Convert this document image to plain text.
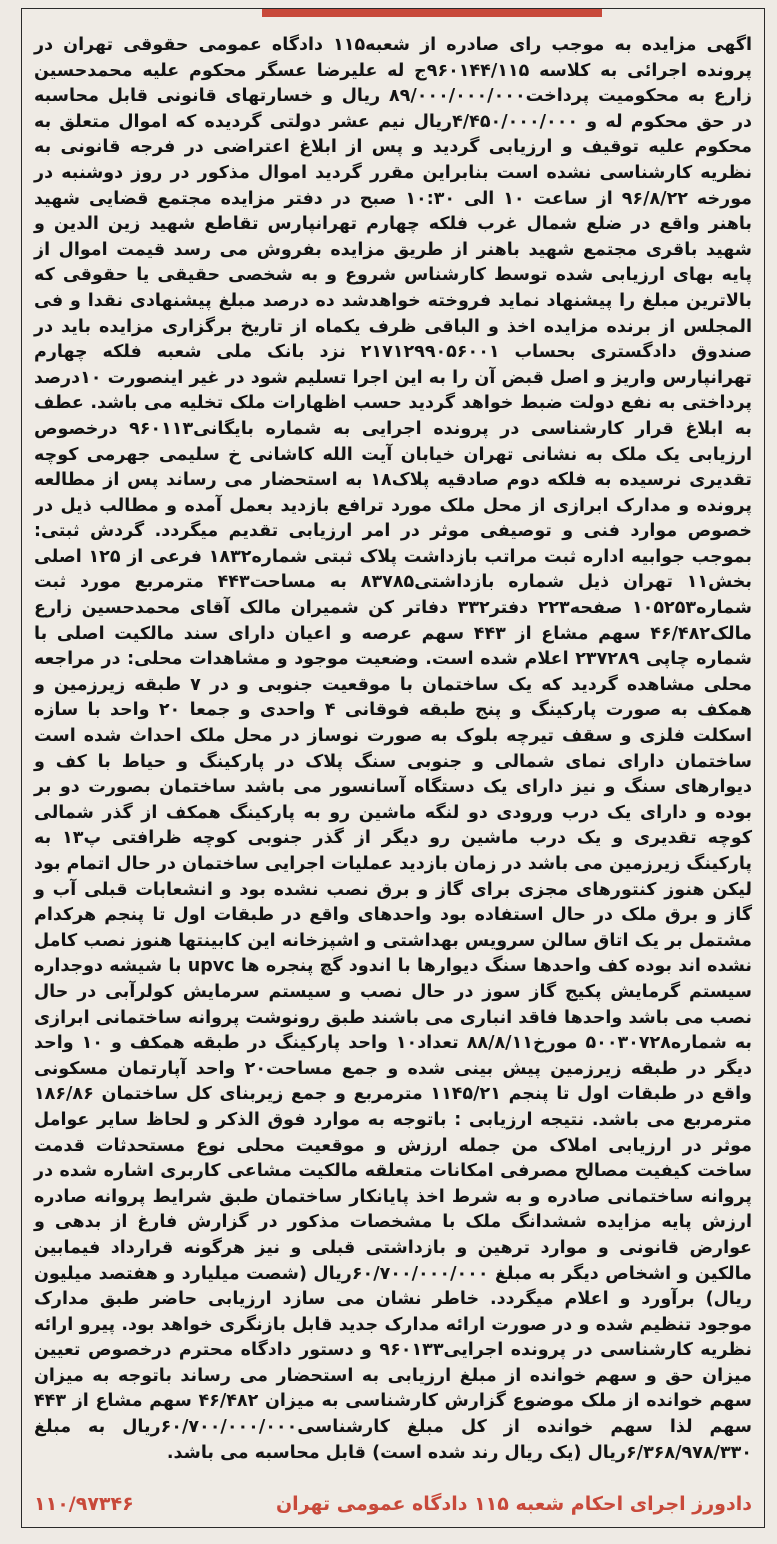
اگهی مزایده به موجب رای صادره از شعبه۱۱۵ دادگاه عمومی حقوقی تهران در پرونده اجرائی به کلاسه ۹۶۰۱۴۴/۱۱۵ج له علیرضا عسگر محکوم علیه محمدحسین زارع به محکومیت پرداخت۸۹/۰۰۰/۰۰۰/۰۰۰ ریال و خسارتهای قانونی قابل محاسبه در حق محکوم له و ۴/۴۵۰/۰۰۰/۰۰۰ریال نیم عشر دولتی گردیده که اموال متعلق به محکوم علیه توقیف و ارزیابی گردید و پس از ابلاغ اعتراضی در فرجه قانونی به نظریه کارشناسی نشده است بنابراین مقرر گردید اموال مذکور در روز دوشنبه در مورخه ۹۶/۸/۲۲ از ساعت ۱۰ الی ۱۰:۳۰ صبح در دفتر مزایده مجتمع قضایی شهید باهنر واقع در ضلع شمال غرب فلکه چهارم تهرانپارس تقاطع شهید زین الدین و شهید باقری مجتمع شهید باهنر از طریق مزایده بفروش می رسد قیمت اموال از پایه بهای ارزیابی شده توسط کارشناس شروع و به شخصی حقیقی یا حقوقی که بالاترین مبلغ را پیشنهاد نماید فروخته خواهدشد ده درصد مبلغ پیشنهادی نقدا و فی المجلس از برنده مزایده اخذ و الباقی ظرف یکماه از تاریخ برگزاری مزایده باید در صندوق دادگستری بحساب ۲۱۷۱۲۹۹۰۵۶۰۰۱ نزد بانک ملی شعبه فلکه چهارم تهرانپارس واریز و اصل قبض آن را به این اجرا تسلیم شود در غیر اینصورت ۱۰درصد پرداختی به نفع دولت ضبط خواهد گردید حسب اظهارات ملک تخلیه می باشد. عطف به ابلاغ قرار کارشناسی در پرونده اجرایی به شماره بایگانی۹۶۰۱۱۳ درخصوص ارزیابی یک ملک به نشانی تهران خیابان آیت الله کاشانی خ سلیمی جهرمی کوچه تقدیری نرسیده به فلکه دوم صادقیه پلاک۱۸ به استحضار می رساند پس از مطالعه پرونده و مدارک ابرازی از محل ملک مورد ترافع بازدید بعمل آمده و مطالب ذیل در خصوص موارد فنی و توصیفی موثر در امر ارزیابی تقدیم میگردد. گردش ثبتی: بموجب جوابیه اداره ثبت مراتب بازداشت پلاک ثبتی شماره۱۸۳۲ فرعی از ۱۲۵ اصلی بخش۱۱ تهران ذیل شماره بازداشتی۸۳۷۸۵ به مساحت۴۴۳ مترمربع مورد ثبت شماره۱۰۵۲۵۳ صفحه۲۲۳ دفتر۳۳۲ دفاتر کن شمیران مالک آقای محمدحسین زارع مالک۴۶/۴۸۲ سهم مشاع از ۴۴۳ سهم عرصه و اعیان دارای سند مالکیت اصلی با شماره چاپی ۲۳۷۲۸۹ اعلام شده است. وضعیت موجود و مشاهدات محلی: در مراجعه محلی مشاهده گردید که یک ساختمان با موقعیت جنوبی و در ۷ طبقه زیرزمین و همکف به صورت پارکینگ و پنج طبقه فوقانی ۴ واحدی و جمعا ۲۰ واحد با سازه اسکلت فلزی و سقف تیرچه بلوک به صورت نوساز در محل ملک احداث شده است ساختمان دارای نمای شمالی و جنوبی سنگ پلاک در پارکینگ و حیاط با کف و دیوارهای سنگ و نیز دارای یک دستگاه آسانسور می باشد ساختمان بصورت دو بر بوده و دارای یک درب ورودی دو لنگه ماشین رو به پارکینگ همکف از گذر شمالی کوچه تقدیری و یک درب ماشین رو دیگر از گذر جنوبی کوچه ظرافتی پ۱۳ به پارکینگ زیرزمین می باشد در زمان بازدید عملیات اجرایی ساختمان در حال اتمام بود لیکن هنوز کنتورهای مجزی برای گاز و برق نصب نشده بود و انشعابات قبلی آب و گاز و برق ملک در حال استفاده بود واحدهای واقع در طبقات اول تا پنجم هرکدام مشتمل بر یک اتاق سالن سرویس بهداشتی و اشپزخانه این کابینتها هنوز نصب کامل نشده اند بوده کف واحدها سنگ دیوارها با اندود گچ پنجره ها upvc با شیشه دوجداره سیستم گرمایش پکیج گاز سوز در حال نصب و سیستم سرمایش کولرآبی در حال نصب می باشد واحدها فاقد انباری می باشند طبق رونوشت پروانه ساختمانی ابرازی به شماره۵۰۰۳۰۷۲۸ مورخ۸۸/۸/۱۱ تعداد۱۰ واحد پارکینگ در طبقه همکف و ۱۰ واحد دیگر در طبقه زیرزمین پیش بینی شده و جمع مساحت۲۰ واحد آپارتمان مسکونی واقع در طبقات اول تا پنجم ۱۱۴۵/۲۱ مترمربع و جمع زیربنای کل ساختمان ۱۸۶/۸۶ مترمربع می باشد. نتیجه ارزیابی : باتوجه به موارد فوق الذکر و لحاظ سایر عوامل موثر در ارزیابی املاک من جمله ارزش و موقعیت محلی نوع مستحدثات قدمت ساخت کیفیت مصالح مصرفی امکانات متعلقه مالکیت مشاعی کاربری اشاره شده در پروانه ساختمانی صادره و به شرط اخذ پایانکار ساختمان طبق شرایط پروانه صادره ارزش پایه مزایده ششدانگ ملک با مشخصات مذکور در گزارش فارغ از بدهی و عوارض قانونی و موارد ترهین و بازداشتی قبلی و نیز هرگونه قرارداد فیمابین مالکین و اشخاص دیگر به مبلغ ۶۰/۷۰۰/۰۰۰/۰۰۰ریال (شصت میلیارد و هفتصد میلیون ریال) برآورد و اعلام میگردد. خاطر نشان می سازد ارزیابی حاضر طبق مدارک موجود تنظیم شده و در صورت ارائه مدارک جدید قابل بازنگری خواهد بود. پیرو ارائه نظریه کارشناسی در پرونده اجرایی۹۶۰۱۳۳ و دستور دادگاه محترم درخصوص تعیین میزان حق و سهم خوانده از مبلغ ارزیابی به استحضار می رساند باتوجه به میزان سهم خوانده از ملک موضوع گزارش کارشناسی به میزان ۴۶/۴۸۲ سهم مشاع از ۴۴۳ سهم لذا سهم خوانده از کل مبلغ کارشناسی۶۰/۷۰۰/۰۰۰/۰۰۰ریال به مبلغ ۶/۳۶۸/۹۷۸/۳۳۰ریال (یک ریال رند شده است) قابل محاسبه می باشد.

دادورز اجرای احکام شعبه ۱۱۵ دادگاه عمومی تهران
۱۱۰/۹۷۳۴۶
